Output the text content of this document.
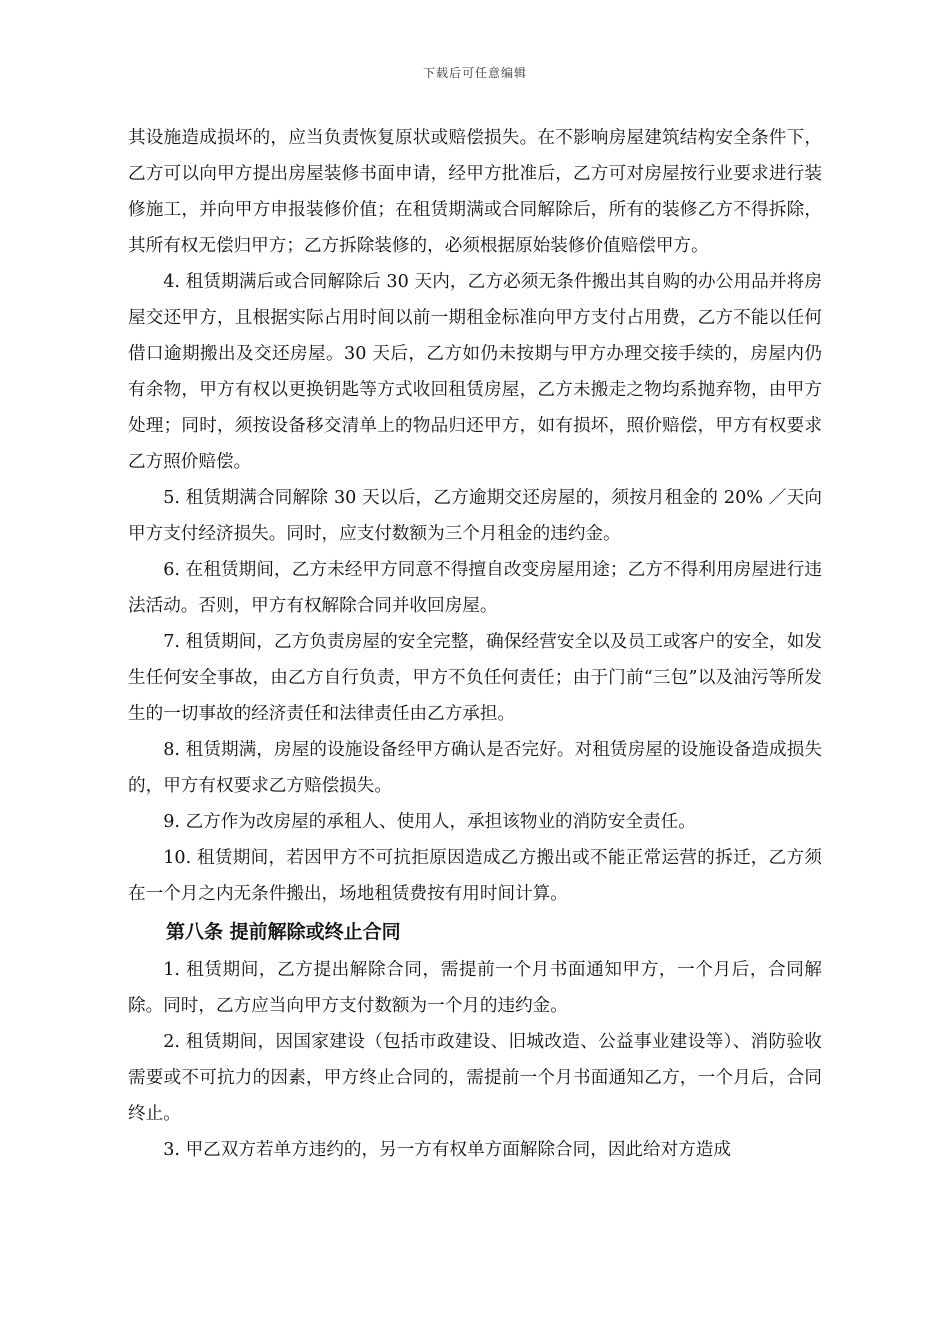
下载后可任意编辑

其设施造成损坏的，应当负责恢复原状或赔偿损失。在不影响房屋建筑结构安全条件下，乙方可以向甲方提出房屋装修书面申请，经甲方批准后，乙方可对房屋按行业要求进行装修施工，并向甲方申报装修价值；在租赁期满或合同解除后，所有的装修乙方不得拆除，其所有权无偿归甲方；乙方拆除装修的，必须根据原始装修价值赔偿甲方。

4. 租赁期满后或合同解除后 30 天内，乙方必须无条件搬出其自购的办公用品并将房屋交还甲方，且根据实际占用时间以前一期租金标准向甲方支付占用费，乙方不能以任何借口逾期搬出及交还房屋。30 天后，乙方如仍未按期与甲方办理交接手续的，房屋内仍有余物，甲方有权以更换钥匙等方式收回租赁房屋，乙方未搬走之物均系抛弃物，由甲方处理；同时，须按设备移交清单上的物品归还甲方，如有损坏，照价赔偿，甲方有权要求乙方照价赔偿。

5. 租赁期满合同解除 30 天以后，乙方逾期交还房屋的，须按月租金的 20% ／天向甲方支付经济损失。同时，应支付数额为三个月租金的违约金。

6. 在租赁期间，乙方未经甲方同意不得擅自改变房屋用途；乙方不得利用房屋进行违法活动。否则，甲方有权解除合同并收回房屋。

7. 租赁期间，乙方负责房屋的安全完整，确保经营安全以及员工或客户的安全，如发生任何安全事故，由乙方自行负责，甲方不负任何责任；由于门前“三包”以及油污等所发生的一切事故的经济责任和法律责任由乙方承担。

8. 租赁期满，房屋的设施设备经甲方确认是否完好。对租赁房屋的设施设备造成损失的，甲方有权要求乙方赔偿损失。

9. 乙方作为改房屋的承租人、使用人，承担该物业的消防安全责任。

10. 租赁期间，若因甲方不可抗拒原因造成乙方搬出或不能正常运营的拆迁，乙方须在一个月之内无条件搬出，场地租赁费按有用时间计算。

第八条 提前解除或终止合同

1. 租赁期间，乙方提出解除合同，需提前一个月书面通知甲方，一个月后，合同解除。同时，乙方应当向甲方支付数额为一个月的违约金。

2. 租赁期间，因国家建设（包括市政建设、旧城改造、公益事业建设等）、消防验收需要或不可抗力的因素，甲方终止合同的，需提前一个月书面通知乙方，一个月后，合同终止。

3. 甲乙双方若单方违约的，另一方有权单方面解除合同，因此给对方造成
